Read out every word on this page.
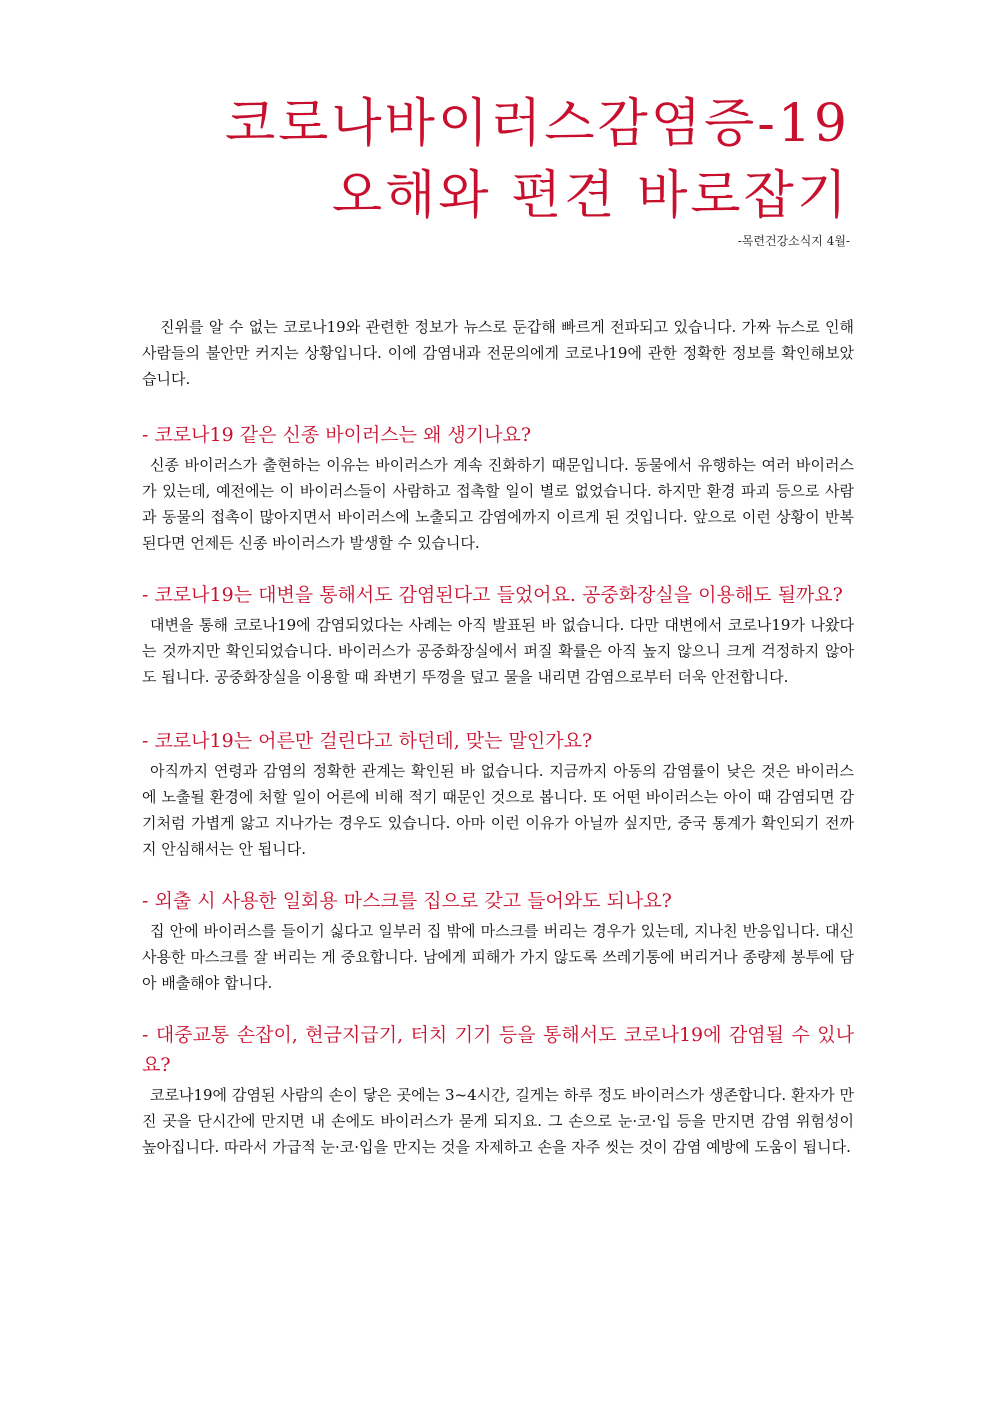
코로나바이러스감염증-19
오해와 편견 바로잡기
-목련건강소식지 4월-

진위를 알 수 없는 코로나19와 관련한 정보가 뉴스로 둔갑해 빠르게 전파되고 있습니다. 가짜 뉴스로 인해 사람들의 불안만 커지는 상황입니다. 이에 감염내과 전문의에게 코로나19에 관한 정확한 정보를 확인해보았습니다.

- 코로나19 같은 신종 바이러스는 왜 생기나요?

신종 바이러스가 출현하는 이유는 바이러스가 계속 진화하기 때문입니다. 동물에서 유행하는 여러 바이러스가 있는데, 예전에는 이 바이러스들이 사람하고 접촉할 일이 별로 없었습니다. 하지만 환경 파괴 등으로 사람과 동물의 접촉이 많아지면서 바이러스에 노출되고 감염에까지 이르게 된 것입니다. 앞으로 이런 상황이 반복된다면 언제든 신종 바이러스가 발생할 수 있습니다.

- 코로나19는 대변을 통해서도 감염된다고 들었어요. 공중화장실을 이용해도 될까요?

대변을 통해 코로나19에 감염되었다는 사례는 아직 발표된 바 없습니다. 다만 대변에서 코로나19가 나왔다는 것까지만 확인되었습니다. 바이러스가 공중화장실에서 퍼질 확률은 아직 높지 않으니 크게 걱정하지 않아도 됩니다. 공중화장실을 이용할 때 좌변기 뚜껑을 덮고 물을 내리면 감염으로부터 더욱 안전합니다.

- 코로나19는 어른만 걸린다고 하던데, 맞는 말인가요?

아직까지 연령과 감염의 정확한 관계는 확인된 바 없습니다. 지금까지 아동의 감염률이 낮은 것은 바이러스에 노출될 환경에 처할 일이 어른에 비해 적기 때문인 것으로 봅니다. 또 어떤 바이러스는 아이 때 감염되면 감기처럼 가볍게 앓고 지나가는 경우도 있습니다. 아마 이런 이유가 아닐까 싶지만, 중국 통계가 확인되기 전까지 안심해서는 안 됩니다.

- 외출 시 사용한 일회용 마스크를 집으로 갖고 들어와도 되나요?

집 안에 바이러스를 들이기 싫다고 일부러 집 밖에 마스크를 버리는 경우가 있는데, 지나친 반응입니다. 대신 사용한 마스크를 잘 버리는 게 중요합니다. 남에게 피해가 가지 않도록 쓰레기통에 버리거나 종량제 봉투에 담아 배출해야 합니다.

- 대중교통 손잡이, 현금지급기, 터치 기기 등을 통해서도 코로나19에 감염될 수 있나요?

코로나19에 감염된 사람의 손이 닿은 곳에는 3~4시간, 길게는 하루 정도 바이러스가 생존합니다. 환자가 만진 곳을 단시간에 만지면 내 손에도 바이러스가 묻게 되지요. 그 손으로 눈·코·입 등을 만지면 감염 위험성이 높아집니다. 따라서 가급적 눈·코·입을 만지는 것을 자제하고 손을 자주 씻는 것이 감염 예방에 도움이 됩니다.
